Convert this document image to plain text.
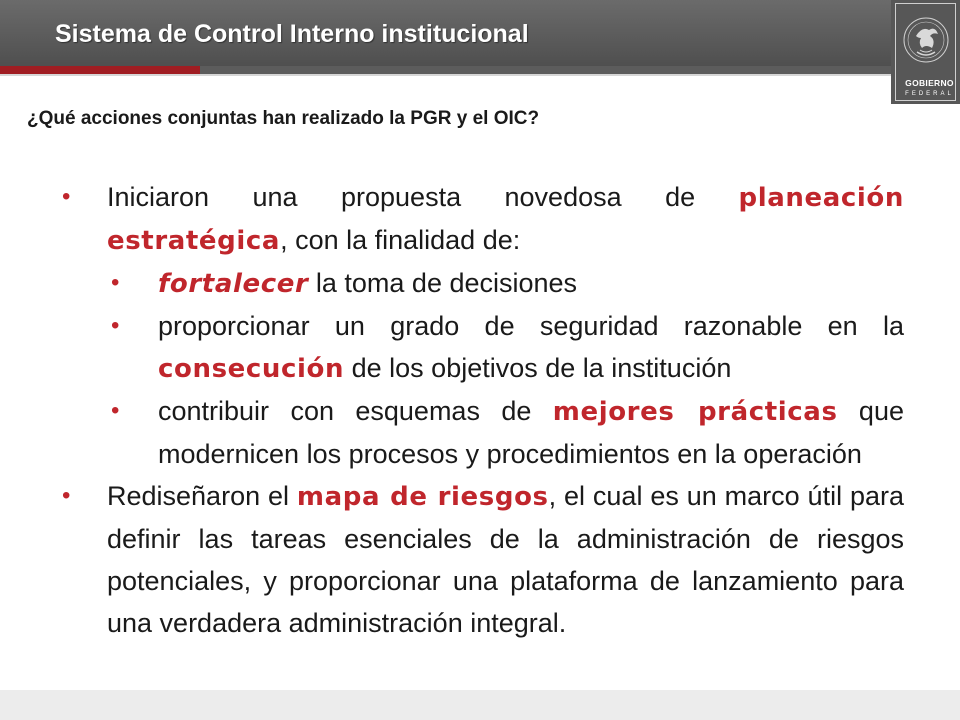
Sistema de Control Interno institucional
GOBIERNO
FEDERAL
¿Qué acciones conjuntas han realizado la PGR y el OIC?
• Iniciaron una propuesta novedosa de planeación estratégica, con la finalidad de:
• fortalecer la toma de decisiones
• proporcionar un grado de seguridad razonable en la consecución de los objetivos de la institución
• contribuir con esquemas de mejores prácticas que modernicen los procesos y procedimientos en la operación
• Rediseñaron el mapa de riesgos, el cual es un marco útil para definir las tareas esenciales de la administración de riesgos potenciales, y proporcionar una plataforma de lanzamiento para una verdadera administración integral.
